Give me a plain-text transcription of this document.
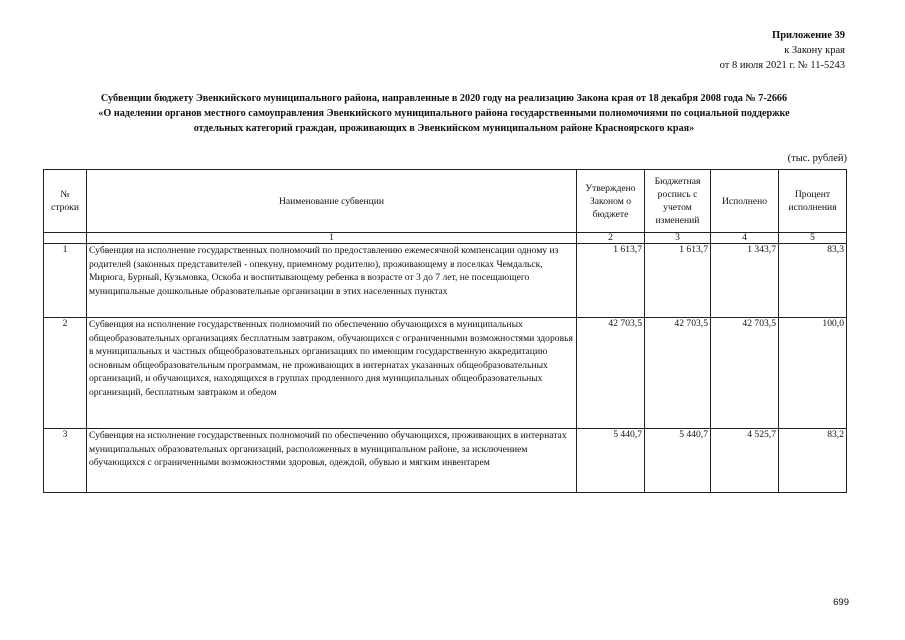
Приложение 39
к Закону края
от 8 июля 2021 г. № 11-5243
Субвенции бюджету Эвенкийского муниципального района, направленные в 2020 году на реализацию Закона края от 18 декабря 2008 года № 7-2666
«О наделении органов местного самоуправления Эвенкийского муниципального района государственными полномочиями по социальной поддержке
отдельных категорий граждан, проживающих в Эвенкийском муниципальном районе Красноярского края»
(тыс. рублей)
№ строки	Наименование субвенции	Утверждено Законом о бюджете	Бюджетная роспись с учетом изменений	Исполнено	Процент исполнения
	1	2	3	4	5
1	Субвенция на исполнение государственных полномочий по предоставлению ежемесячной компенсации одному из родителей (законных представителей - опекуну, приемному родителю), проживающему в поселках Чемдальск, Мирюга, Бурный, Кузьмовка, Оскоба и воспитывающему ребенка в возрасте от 3 до 7 лет, не посещающего муниципальные дошкольные образовательные организации в этих населенных пунктах	1 613,7	1 613,7	1 343,7	83,3
2	Субвенция на исполнение государственных полномочий по обеспечению обучающихся в муниципальных общеобразовательных организациях бесплатным завтраком, обучающихся с ограниченными возможностями здоровья в муниципальных и частных общеобразовательных организациях по имеющим государственную аккредитацию основным общеобразовательным программам, не проживающих в интернатах указанных общеобразовательных организаций, и обучающихся, находящихся в группах продленного дня муниципальных общеобразовательных организаций, бесплатным завтраком и обедом	42 703,5	42 703,5	42 703,5	100,0
3	Субвенция на исполнение государственных полномочий по обеспечению обучающихся, проживающих в интернатах муниципальных образовательных организаций, расположенных в муниципальном районе, за исключением обучающихся с ограниченными возможностями здоровья, одеждой, обувью и мягким инвентарем	5 440,7	5 440,7	4 525,7	83,2
699
